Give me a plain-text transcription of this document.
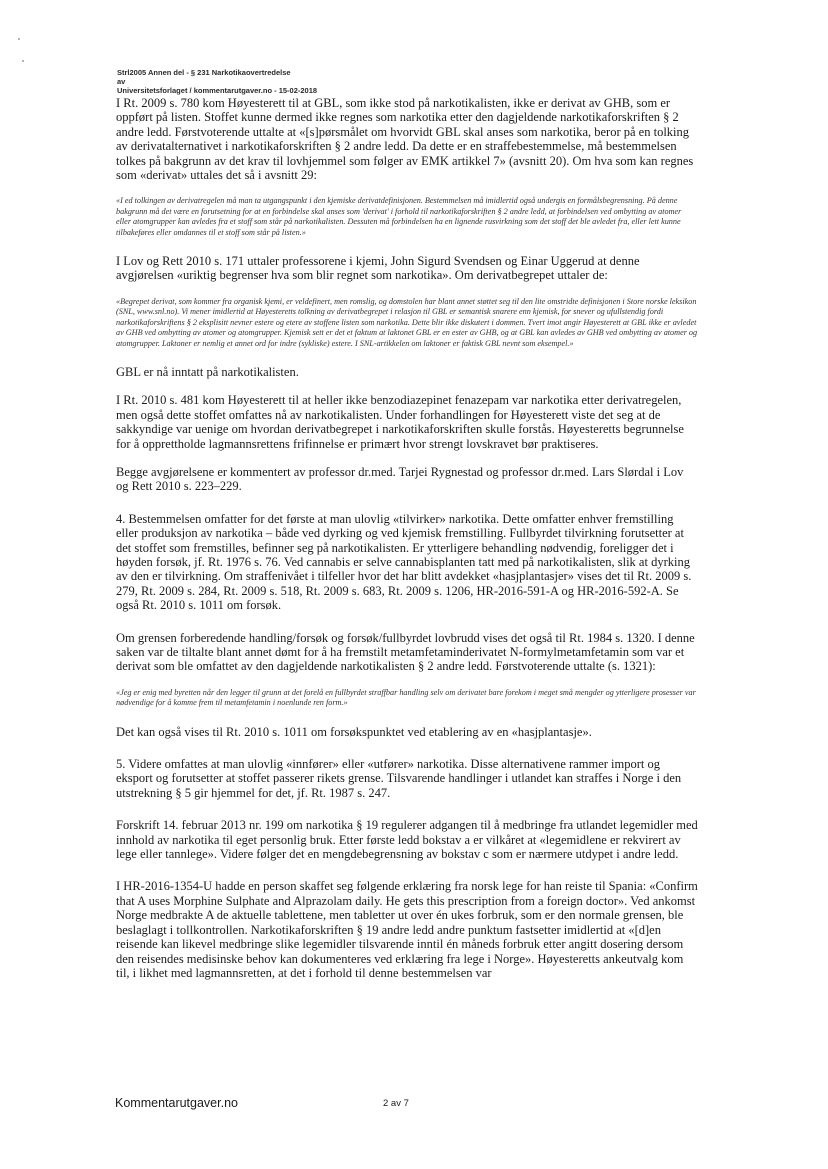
Strl2005 Annen del - § 231 Narkotikaovertredelse
av
Universitetsforlaget / kommentarutgaver.no - 15-02-2018

I Rt. 2009 s. 780 kom Høyesterett til at GBL, som ikke stod på narkotikalisten, ikke er derivat av GHB, som er oppført på listen. Stoffet kunne dermed ikke regnes som narkotika etter den dagjeldende narkotikaforskriften § 2 andre ledd. Førstvoterende uttalte at «[s]pørsmålet om hvorvidt GBL skal anses som narkotika, beror på en tolking av derivatalternativet i narkotikaforskriften § 2 andre ledd. Da dette er en straffebestemmelse, må bestemmelsen tolkes på bakgrunn av det krav til lovhjemmel som følger av EMK artikkel 7» (avsnitt 20). Om hva som kan regnes som «derivat» uttales det så i avsnitt 29:

«I ed tolkingen av derivatregelen må man ta utgangspunkt i den kjemiske derivatdefinisjonen. Bestemmelsen må imidlertid også undergis en formålsbegrensning. På denne bakgrunn må det være en forutsetning for at en forbindelse skal anses som 'derivat' i forhold til narkotikaforskriften § 2 andre ledd, at forbindelsen ved ombytting av atomer eller atomgrupper kan avledes fra et stoff som står på narkotikalisten. Dessuten må forbindelsen ha en lignende rusvirkning som det stoff det ble avledet fra, eller lett kunne tilbakeføres eller omdannes til et stoff som står på listen.»

I Lov og Rett 2010 s. 171 uttaler professorene i kjemi, John Sigurd Svendsen og Einar Uggerud at denne avgjørelsen «uriktig begrenser hva som blir regnet som narkotika». Om derivatbegrepet uttaler de:

«Begrepet derivat, som kommer fra organisk kjemi, er veldefinert, men romslig, og domstolen har blant annet støttet seg til den lite omstridte definisjonen i Store norske leksikon (SNL, www.snl.no). Vi mener imidlertid at Høyesteretts tolkning av derivatbegrepet i relasjon til GBL er semantisk snarere enn kjemisk, for snever og ufullstendig fordi narkotikaforskriftens § 2 eksplisitt nevner estere og etere av stoffene listen som narkotika. Dette blir ikke diskutert i dommen. Tvert imot angir Høyesterett at GBL ikke er avledet av GHB ved ombytting av atomer og atomgrupper. Kjemisk sett er det et faktum at laktonet GBL er en ester av GHB, og at GBL kan avledes av GHB ved ombytting av atomer og atomgrupper. Laktoner er nemlig et annet ord for indre (sykliske) estere. I SNL-artikkelen om laktoner er faktisk GBL nevnt som eksempel.»

GBL er nå inntatt på narkotikalisten.

I Rt. 2010 s. 481 kom Høyesterett til at heller ikke benzodiazepinet fenazepam var narkotika etter derivatregelen, men også dette stoffet omfattes nå av narkotikalisten. Under forhandlingen for Høyesterett viste det seg at de sakkyndige var uenige om hvordan derivatbegrepet i narkotikaforskriften skulle forstås. Høyesteretts begrunnelse for å opprettholde lagmannsrettens frifinnelse er primært hvor strengt lovskravet bør praktiseres.

Begge avgjørelsene er kommentert av professor dr.med. Tarjei Rygnestad og professor dr.med. Lars Slørdal i Lov og Rett 2010 s. 223–229.

4. Bestemmelsen omfatter for det første at man ulovlig «tilvirker» narkotika. Dette omfatter enhver fremstilling eller produksjon av narkotika – både ved dyrking og ved kjemisk fremstilling. Fullbyrdet tilvirkning forutsetter at det stoffet som fremstilles, befinner seg på narkotikalisten. Er ytterligere behandling nødvendig, foreligger det i høyden forsøk, jf. Rt. 1976 s. 76. Ved cannabis er selve cannabisplanten tatt med på narkotikalisten, slik at dyrking av den er tilvirkning. Om straffenivået i tilfeller hvor det har blitt avdekket «hasjplantasjer» vises det til Rt. 2009 s. 279, Rt. 2009 s. 284, Rt. 2009 s. 518, Rt. 2009 s. 683, Rt. 2009 s. 1206, HR-2016-591-A og HR-2016-592-A. Se også Rt. 2010 s. 1011 om forsøk.

Om grensen forberedende handling/forsøk og forsøk/fullbyrdet lovbrudd vises det også til Rt. 1984 s. 1320. I denne saken var de tiltalte blant annet dømt for å ha fremstilt metamfetaminderivatet N-formylmetamfetamin som var et derivat som ble omfattet av den dagjeldende narkotikalisten § 2 andre ledd. Førstvoterende uttalte (s. 1321):

«Jeg er enig med byretten når den legger til grunn at det forelå en fullbyrdet straffbar handling selv om derivatet bare forekom i meget små mengder og ytterligere prosesser var nødvendige for å komme frem til metamfetamin i noenlunde ren form.»

Det kan også vises til Rt. 2010 s. 1011 om forsøkspunktet ved etablering av en «hasjplantasje».

5. Videre omfattes at man ulovlig «innfører» eller «utfører» narkotika. Disse alternativene rammer import og eksport og forutsetter at stoffet passerer rikets grense. Tilsvarende handlinger i utlandet kan straffes i Norge i den utstrekning § 5 gir hjemmel for det, jf. Rt. 1987 s. 247.

Forskrift 14. februar 2013 nr. 199 om narkotika § 19 regulerer adgangen til å medbringe fra utlandet legemidler med innhold av narkotika til eget personlig bruk. Etter første ledd bokstav a er vilkåret at «legemidlene er rekvirert av lege eller tannlege». Videre følger det en mengdebegrensning av bokstav c som er nærmere utdypet i andre ledd.

I HR-2016-1354-U hadde en person skaffet seg følgende erklæring fra norsk lege for han reiste til Spania: «Confirm that A uses Morphine Sulphate and Alprazolam daily. He gets this prescription from a foreign doctor». Ved ankomst Norge medbrakte A de aktuelle tablettene, men tabletter ut over én ukes forbruk, som er den normale grensen, ble beslaglagt i tollkontrollen. Narkotikaforskriften § 19 andre ledd andre punktum fastsetter imidlertid at «[d]en reisende kan likevel medbringe slike legemidler tilsvarende inntil én måneds forbruk etter angitt dosering dersom den reisendes medisinske behov kan dokumenteres ved erklæring fra lege i Norge». Høyesteretts ankeutvalg kom til, i likhet med lagmannsretten, at det i forhold til denne bestemmelsen var

Kommentarutgaver.no	2 av 7
